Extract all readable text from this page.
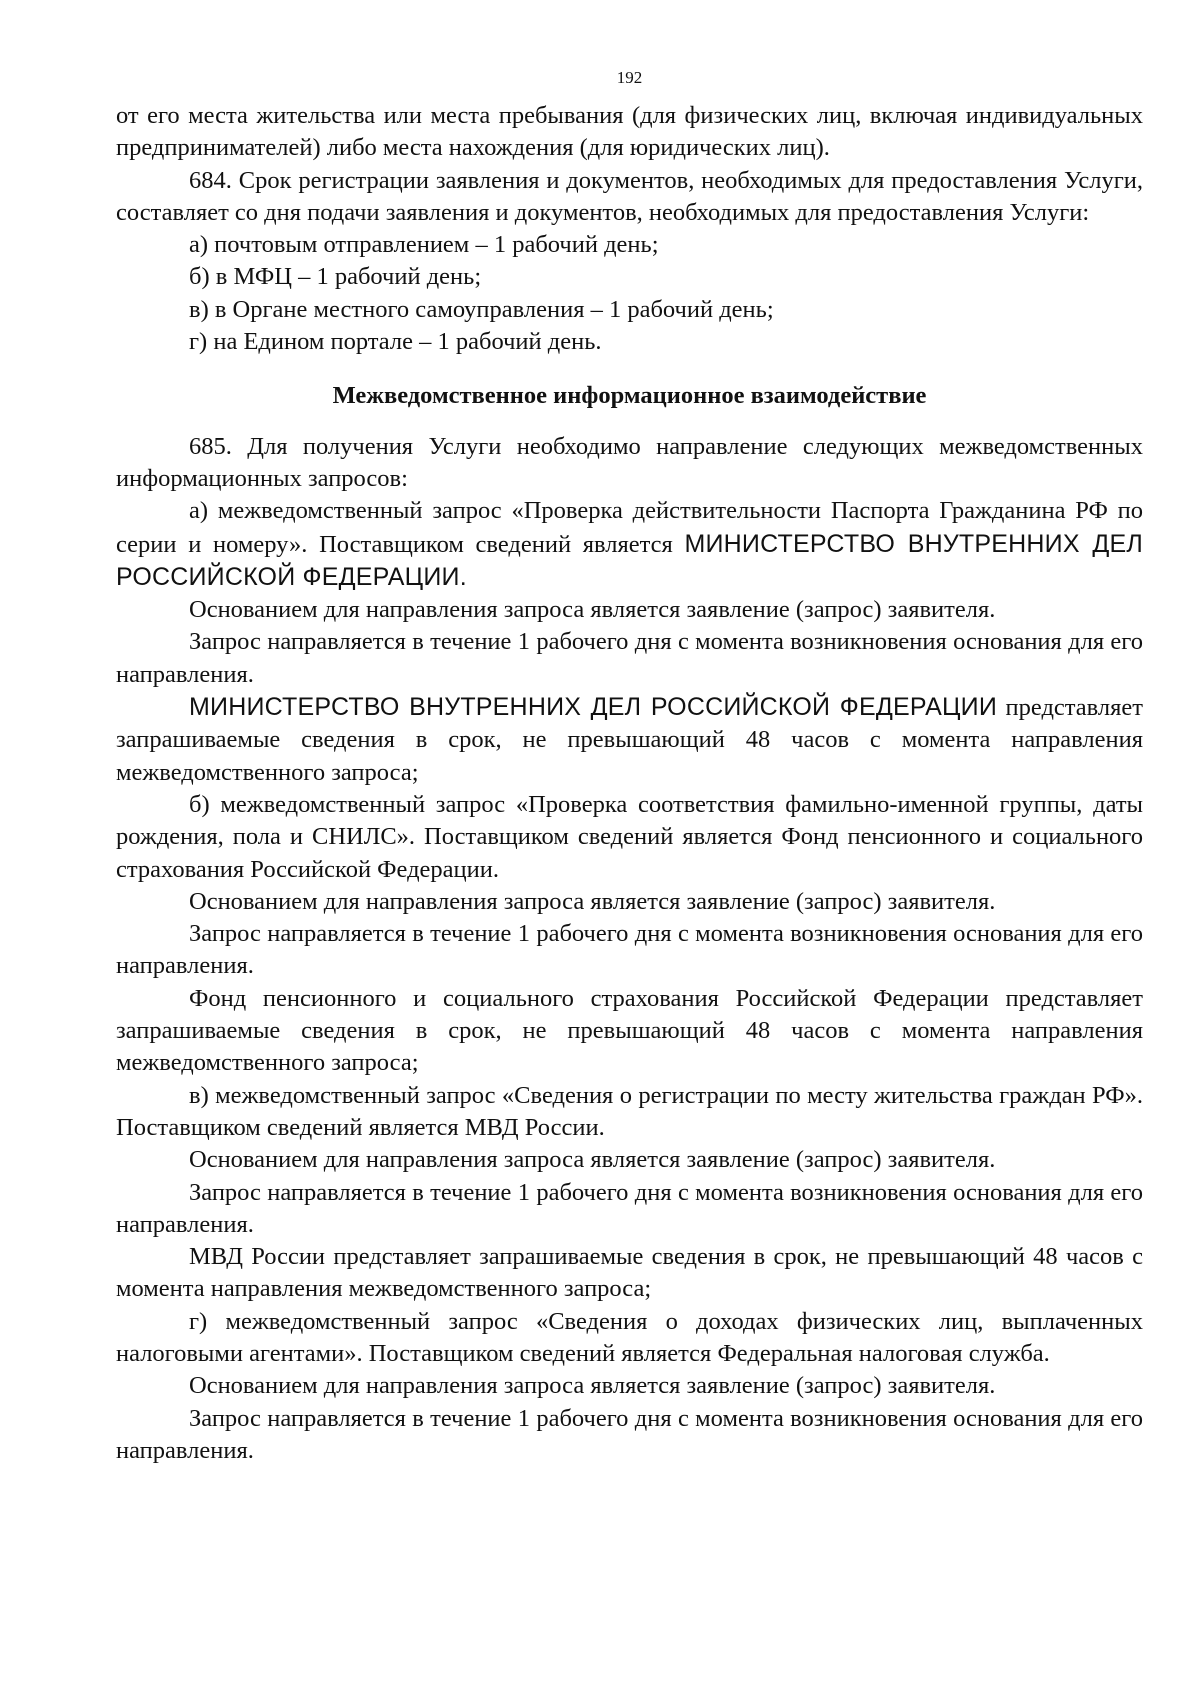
192

от его места жительства или места пребывания (для физических лиц, включая индивидуальных предпринимателей) либо места нахождения (для юридических лиц).

684. Срок регистрации заявления и документов, необходимых для предоставления Услуги, составляет со дня подачи заявления и документов, необходимых для предоставления Услуги:

а) почтовым отправлением – 1 рабочий день;

б) в МФЦ – 1 рабочий день;

в) в Органе местного самоуправления – 1 рабочий день;

г) на Едином портале – 1 рабочий день.

Межведомственное информационное взаимодействие

685. Для получения Услуги необходимо направление следующих межведомственных информационных запросов:

а) межведомственный запрос «Проверка действительности Паспорта Гражданина РФ по серии и номеру». Поставщиком сведений является МИНИСТЕРСТВО ВНУТРЕННИХ ДЕЛ РОССИЙСКОЙ ФЕДЕРАЦИИ.

Основанием для направления запроса является заявление (запрос) заявителя.

Запрос направляется в течение 1 рабочего дня с момента возникновения основания для его направления.

МИНИСТЕРСТВО ВНУТРЕННИХ ДЕЛ РОССИЙСКОЙ ФЕДЕРАЦИИ представляет запрашиваемые сведения в срок, не превышающий 48 часов с момента направления межведомственного запроса;

б) межведомственный запрос «Проверка соответствия фамильно-именной группы, даты рождения, пола и СНИЛС». Поставщиком сведений является Фонд пенсионного и социального страхования Российской Федерации.

Основанием для направления запроса является заявление (запрос) заявителя.

Запрос направляется в течение 1 рабочего дня с момента возникновения основания для его направления.

Фонд пенсионного и социального страхования Российской Федерации представляет запрашиваемые сведения в срок, не превышающий 48 часов с момента направления межведомственного запроса;

в) межведомственный запрос «Сведения о регистрации по месту жительства граждан РФ». Поставщиком сведений является МВД России.

Основанием для направления запроса является заявление (запрос) заявителя.

Запрос направляется в течение 1 рабочего дня с момента возникновения основания для его направления.

МВД России представляет запрашиваемые сведения в срок, не превышающий 48 часов с момента направления межведомственного запроса;

г) межведомственный запрос «Сведения о доходах физических лиц, выплаченных налоговыми агентами». Поставщиком сведений является Федеральная налоговая служба.

Основанием для направления запроса является заявление (запрос) заявителя.

Запрос направляется в течение 1 рабочего дня с момента возникновения основания для его направления.
